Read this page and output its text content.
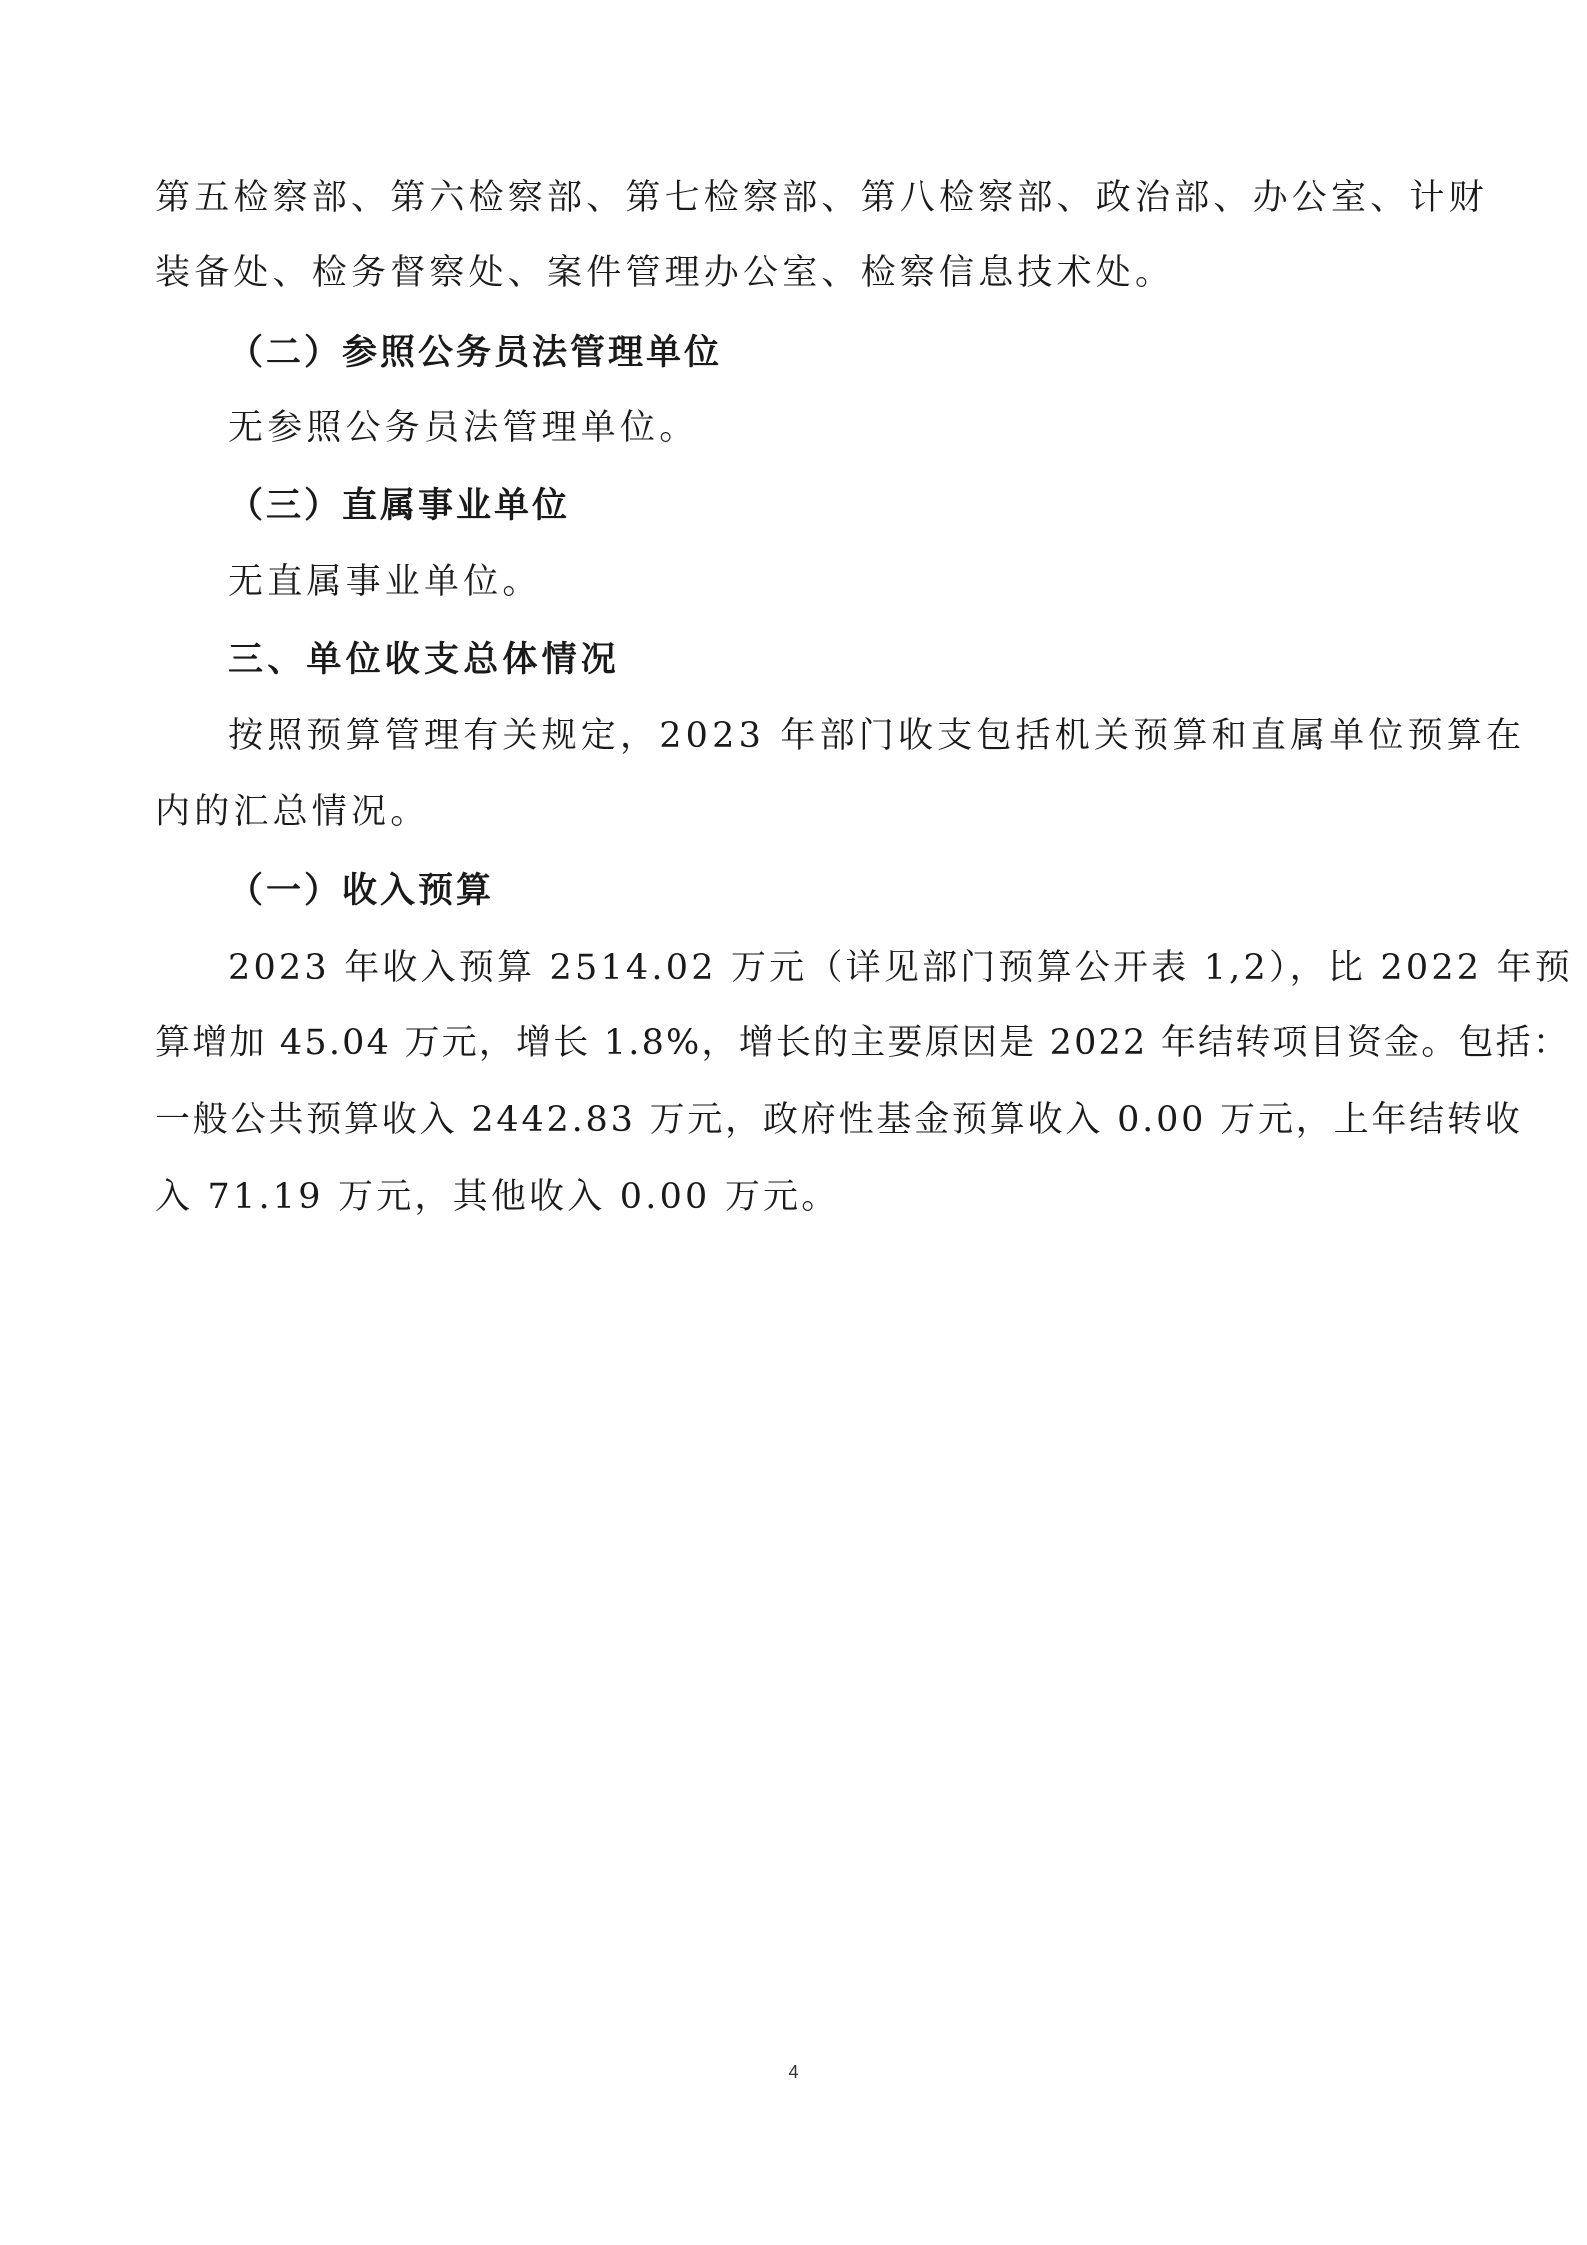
第五检察部、第六检察部、第七检察部、第八检察部、政治部、办公室、计财
装备处、检务督察处、案件管理办公室、检察信息技术处。
（二）参照公务员法管理单位
无参照公务员法管理单位。
（三）直属事业单位
无直属事业单位。
三、单位收支总体情况
按照预算管理有关规定，2023 年部门收支包括机关预算和直属单位预算在
内的汇总情况。
（一）收入预算
2023 年收入预算 2514.02 万元（详见部门预算公开表 1,2），比 2022 年预
算增加 45.04 万元，增长 1.8%，增长的主要原因是 2022 年结转项目资金。包括：
一般公共预算收入 2442.83 万元，政府性基金预算收入 0.00 万元，上年结转收
入 71.19 万元，其他收入 0.00 万元。
4
